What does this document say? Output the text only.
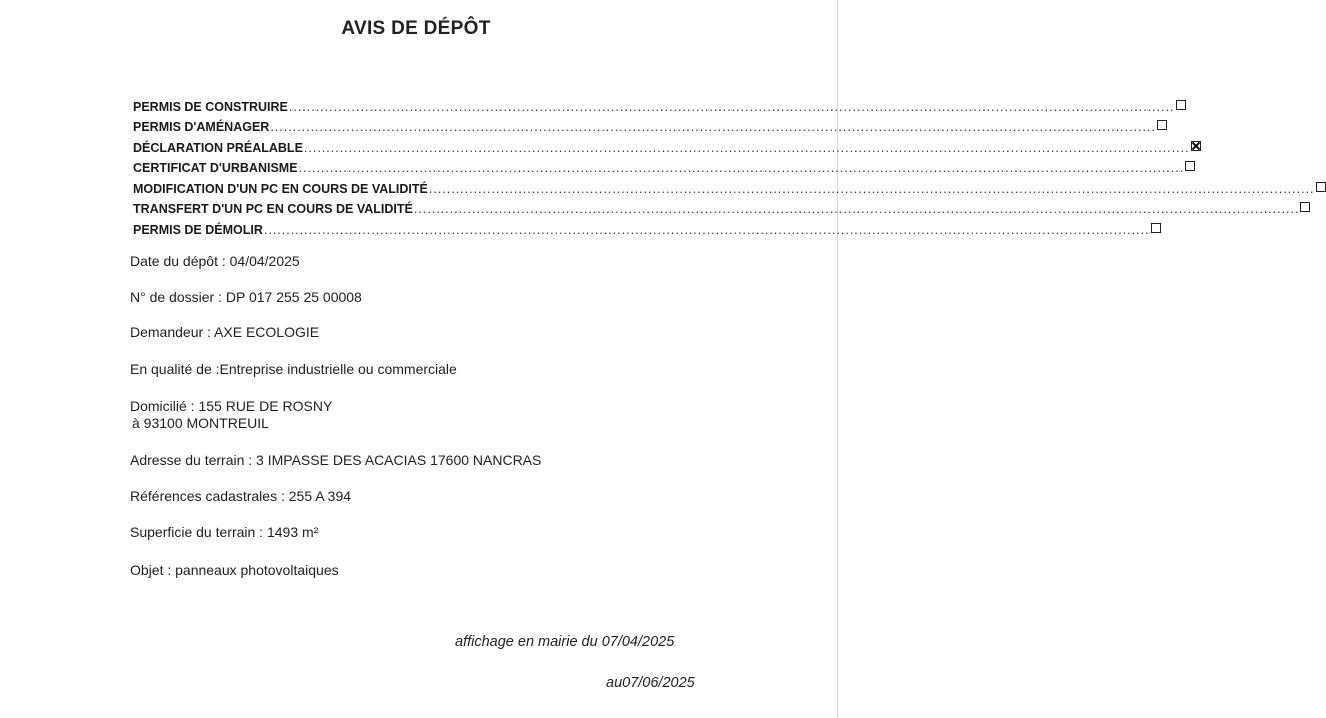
AVIS DE DÉPÔT
PERMIS DE CONSTRUIRE ......................................................................................................................................................................................................
PERMIS D'AMÉNAGER ......................................................................................................................................................................................................
DÉCLARATION PRÉALABLE ......................................................................................................................................................................................................
CERTIFICAT D'URBANISME ......................................................................................................................................................................................................
MODIFICATION D'UN PC EN COURS DE VALIDITÉ ......................................................................................................................................................................................................
TRANSFERT D'UN PC EN COURS DE VALIDITÉ ......................................................................................................................................................................................................
PERMIS DE DÉMOLIR ......................................................................................................................................................................................................
Date du dépôt : 04/04/2025
N° de dossier : DP 017 255 25 00008
Demandeur : AXE ECOLOGIE
En qualité de :Entreprise industrielle ou commerciale
Domicilié : 155 RUE DE ROSNY
à 93100 MONTREUIL
Adresse du terrain : 3 IMPASSE DES ACACIAS 17600 NANCRAS
Références cadastrales : 255 A 394
Superficie du terrain : 1493 m²
Objet : panneaux photovoltaiques
affichage en mairie du 07/04/2025
au07/06/2025
